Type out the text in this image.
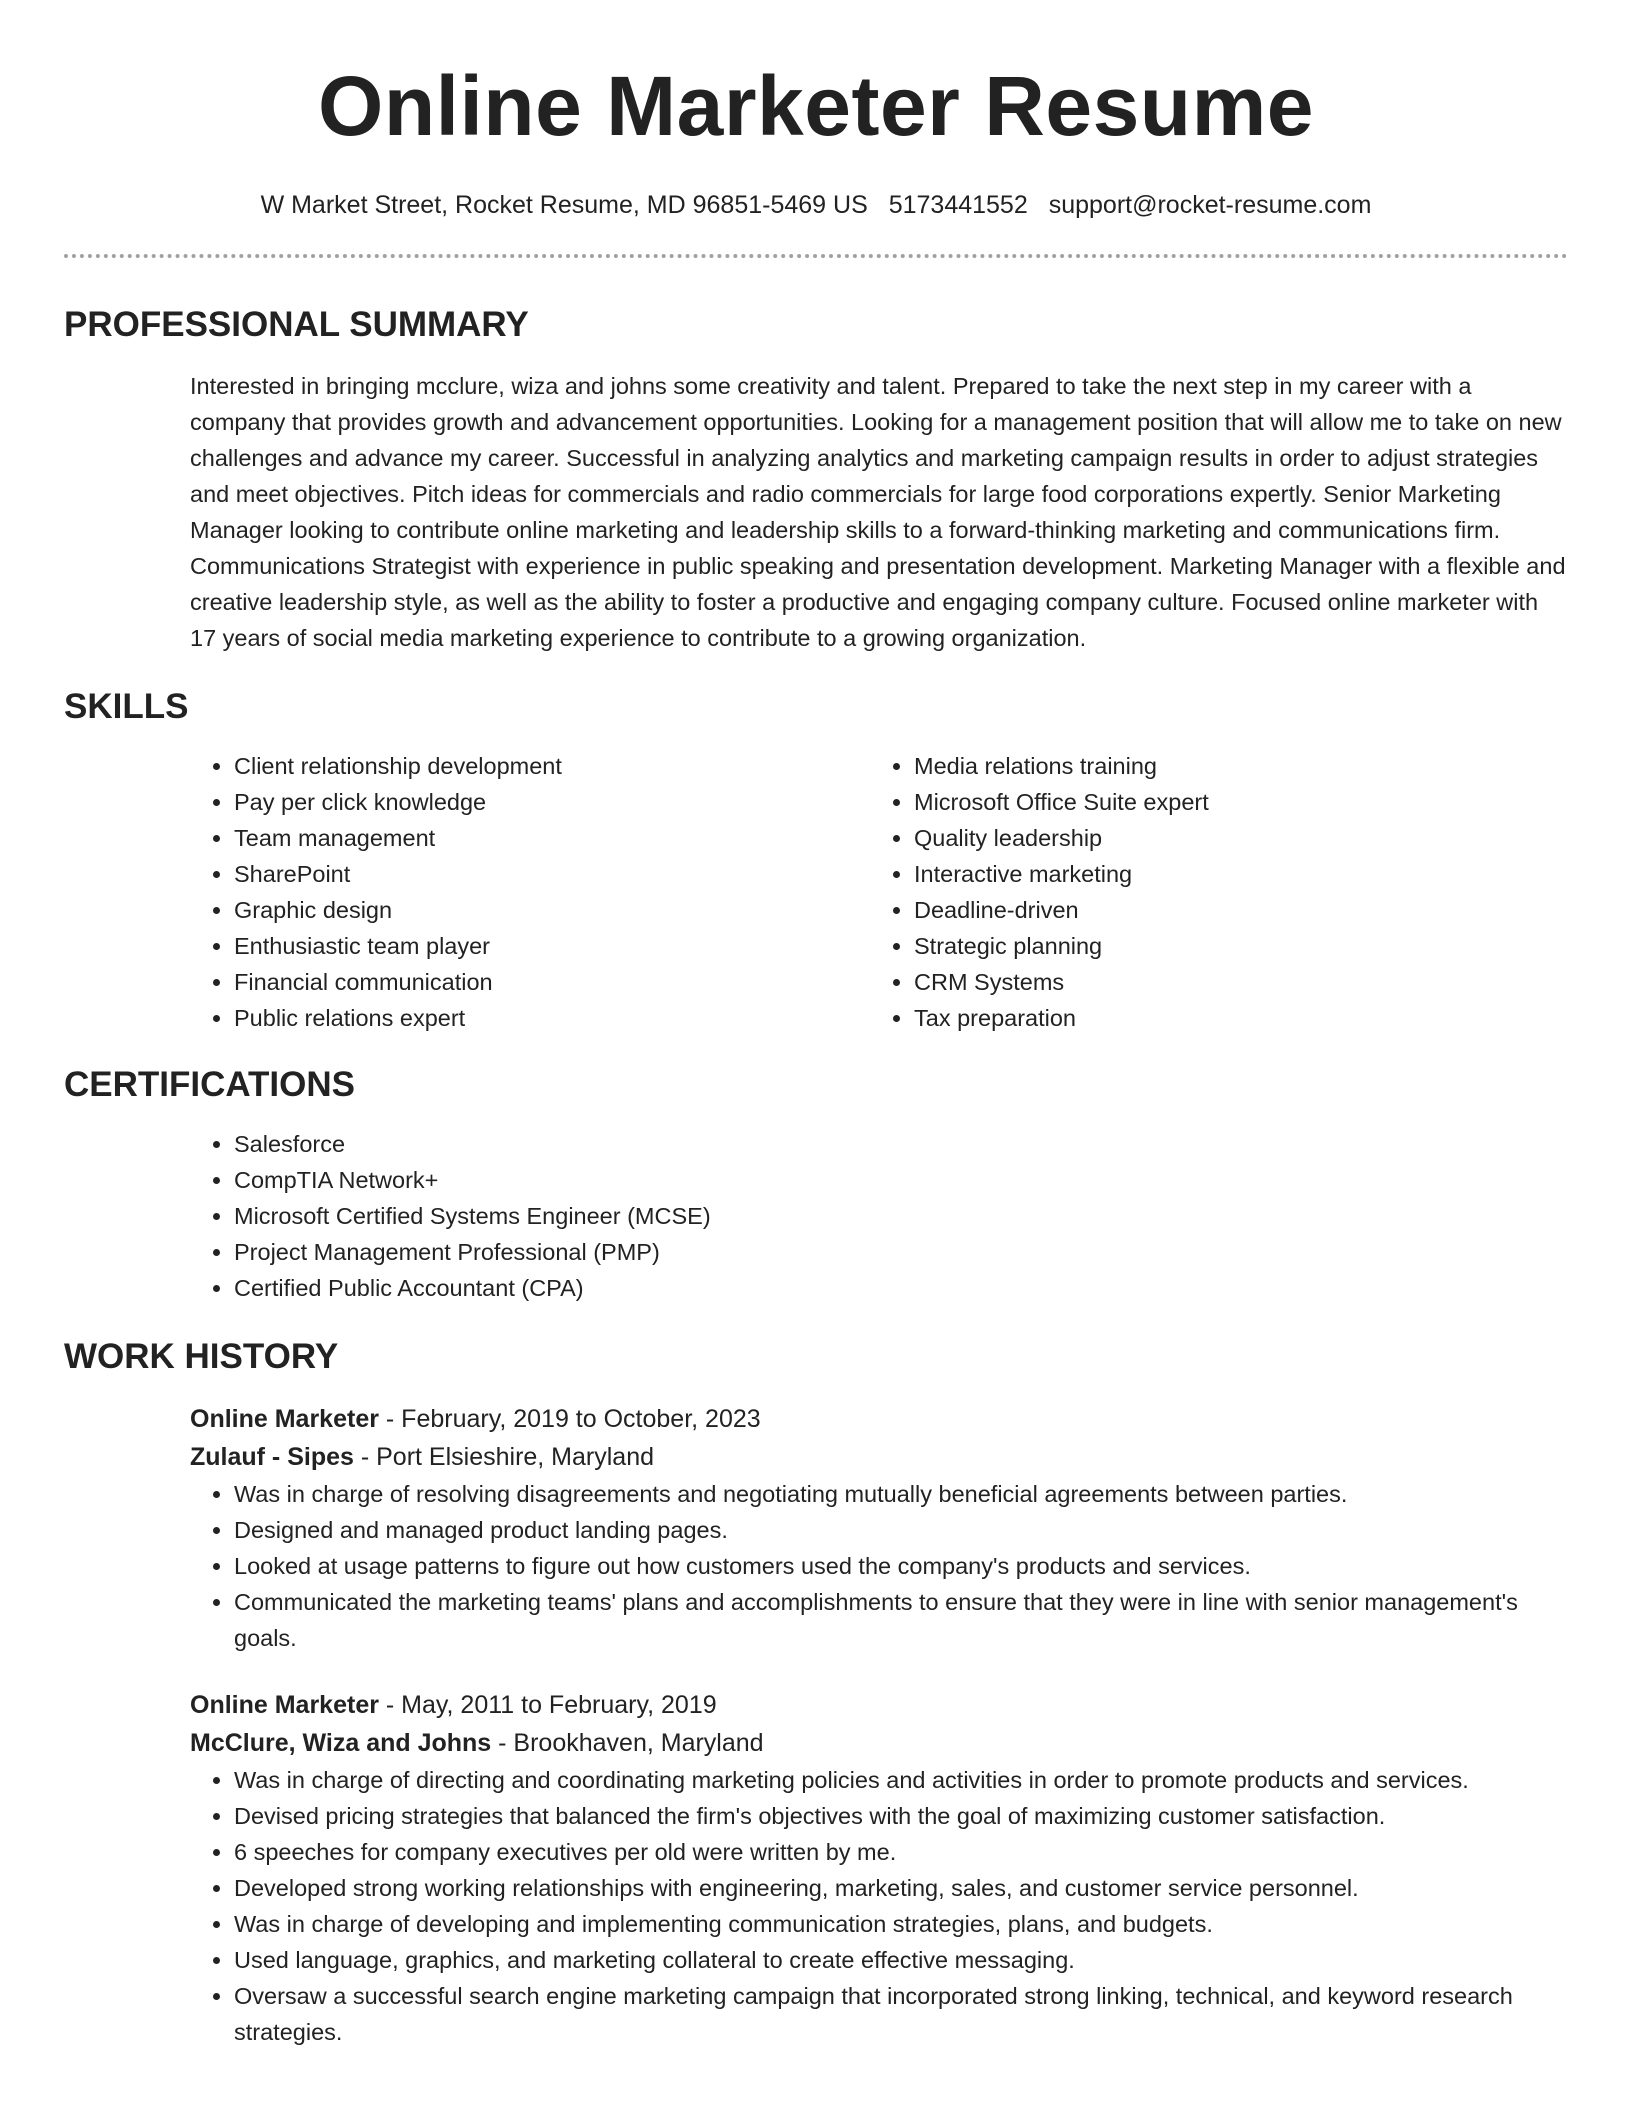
Online Marketer Resume
W Market Street, Rocket Resume, MD 96851-5469 US 5173441552 support@rocket-resume.com
PROFESSIONAL SUMMARY

Interested in bringing mcclure, wiza and johns some creativity and talent. Prepared to take the next step in my career with a company that provides growth and advancement opportunities. Looking for a management position that will allow me to take on new challenges and advance my career. Successful in analyzing analytics and marketing campaign results in order to adjust strategies and meet objectives. Pitch ideas for commercials and radio commercials for large food corporations expertly. Senior Marketing Manager looking to contribute online marketing and leadership skills to a forward-thinking marketing and communications firm. Communications Strategist with experience in public speaking and presentation development. Marketing Manager with a flexible and creative leadership style, as well as the ability to foster a productive and engaging company culture. Focused online marketer with 17 years of social media marketing experience to contribute to a growing organization.

SKILLS
• Client relationship development
• Pay per click knowledge
• Team management
• SharePoint
• Graphic design
• Enthusiastic team player
• Financial communication
• Public relations expert
• Media relations training
• Microsoft Office Suite expert
• Quality leadership
• Interactive marketing
• Deadline-driven
• Strategic planning
• CRM Systems
• Tax preparation
CERTIFICATIONS
• Salesforce
• CompTIA Network+
• Microsoft Certified Systems Engineer (MCSE)
• Project Management Professional (PMP)
• Certified Public Accountant (CPA)
WORK HISTORY
Online Marketer - February, 2019 to October, 2023
Zulauf - Sipes - Port Elsieshire, Maryland
• Was in charge of resolving disagreements and negotiating mutually beneficial agreements between parties.
• Designed and managed product landing pages.
• Looked at usage patterns to figure out how customers used the company's products and services.
• Communicated the marketing teams' plans and accomplishments to ensure that they were in line with senior management's goals.
Online Marketer - May, 2011 to February, 2019
McClure, Wiza and Johns - Brookhaven, Maryland
• Was in charge of directing and coordinating marketing policies and activities in order to promote products and services.
• Devised pricing strategies that balanced the firm's objectives with the goal of maximizing customer satisfaction.
• 6 speeches for company executives per old were written by me.
• Developed strong working relationships with engineering, marketing, sales, and customer service personnel.
• Was in charge of developing and implementing communication strategies, plans, and budgets.
• Used language, graphics, and marketing collateral to create effective messaging.
• Oversaw a successful search engine marketing campaign that incorporated strong linking, technical, and keyword research strategies.
